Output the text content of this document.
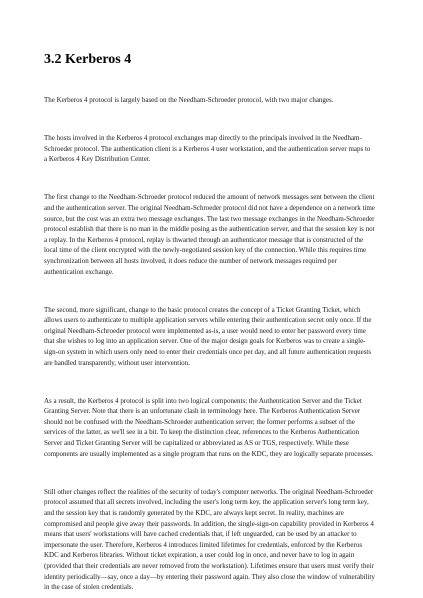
3.2 Kerberos 4

The Kerberos 4 protocol is largely based on the Needham-Schroeder protocol, with two major changes.

The hosts involved in the Kerberos 4 protocol exchanges map directly to the principals involved in the Needham-Schroeder protocol. The authentication client is a Kerberos 4 user workstation, and the authentication server maps to a Kerberos 4 Key Distribution Center.

The first change to the Needham-Schroeder protocol reduced the amount of network messages sent between the client and the authentication server. The original Needham-Schroeder protocol did not have a dependence on a network time source, but the cost was an extra two message exchanges. The last two message exchanges in the Needham-Schroeder protocol establish that there is no man in the middle posing as the authentication server, and that the session key is not a replay. In the Kerberos 4 protocol, replay is thwarted through an authenticator message that is constructed of the local time of the client encrypted with the newly-negotiated session key of the connection. While this requires time synchronization between all hosts involved, it does reduce the number of network messages required per authentication exchange.

The second, more significant, change to the basic protocol creates the concept of a Ticket Granting Ticket, which allows users to authenticate to multiple application servers while entering their authentication secret only once. If the original Needham-Schroeder protocol were implemented as-is, a user would need to enter her password every time that she wishes to log into an application server. One of the major design goals for Kerberos was to create a single-sign-on system in which users only need to enter their credentials once per day, and all future authentication requests are handled transparently, without user intervention.

As a result, the Kerberos 4 protocol is split into two logical components: the Authentication Server and the Ticket Granting Server. Note that there is an unfortunate clash in terminology here. The Kerberos Authentication Server should not be confused with the Needham-Schroeder authentication server; the former performs a subset of the services of the latter, as we'll see in a bit. To keep the distinction clear, references to the Kerberos Authentication Server and Ticket Granting Server will be capitalized or abbreviated as AS or TGS, respectively. While these components are usually implemented as a single program that runs on the KDC, they are logically separate processes.

Still other changes reflect the realities of the security of today's computer networks. The original Needham-Schroeder protocol assumed that all secrets involved, including the user's long term key, the application server's long term key, and the session key that is randomly generated by the KDC, are always kept secret. In reality, machines are compromised and people give away their passwords. In addition, the single-sign-on capability provided in Kerberos 4 means that users' workstations will have cached credentials that, if left unguarded, can be used by an attacker to impersonate the user. Therefore, Kerberos 4 introduces limited lifetimes for credentials, enforced by the Kerberos KDC and Kerberos libraries. Without ticket expiration, a user could log in once, and never have to log in again (provided that their credentials are never removed from the workstation). Lifetimes ensure that users must verify their identity periodically—say, once a day—by entering their password again. They also close the window of vulnerability in the case of stolen credentials.
